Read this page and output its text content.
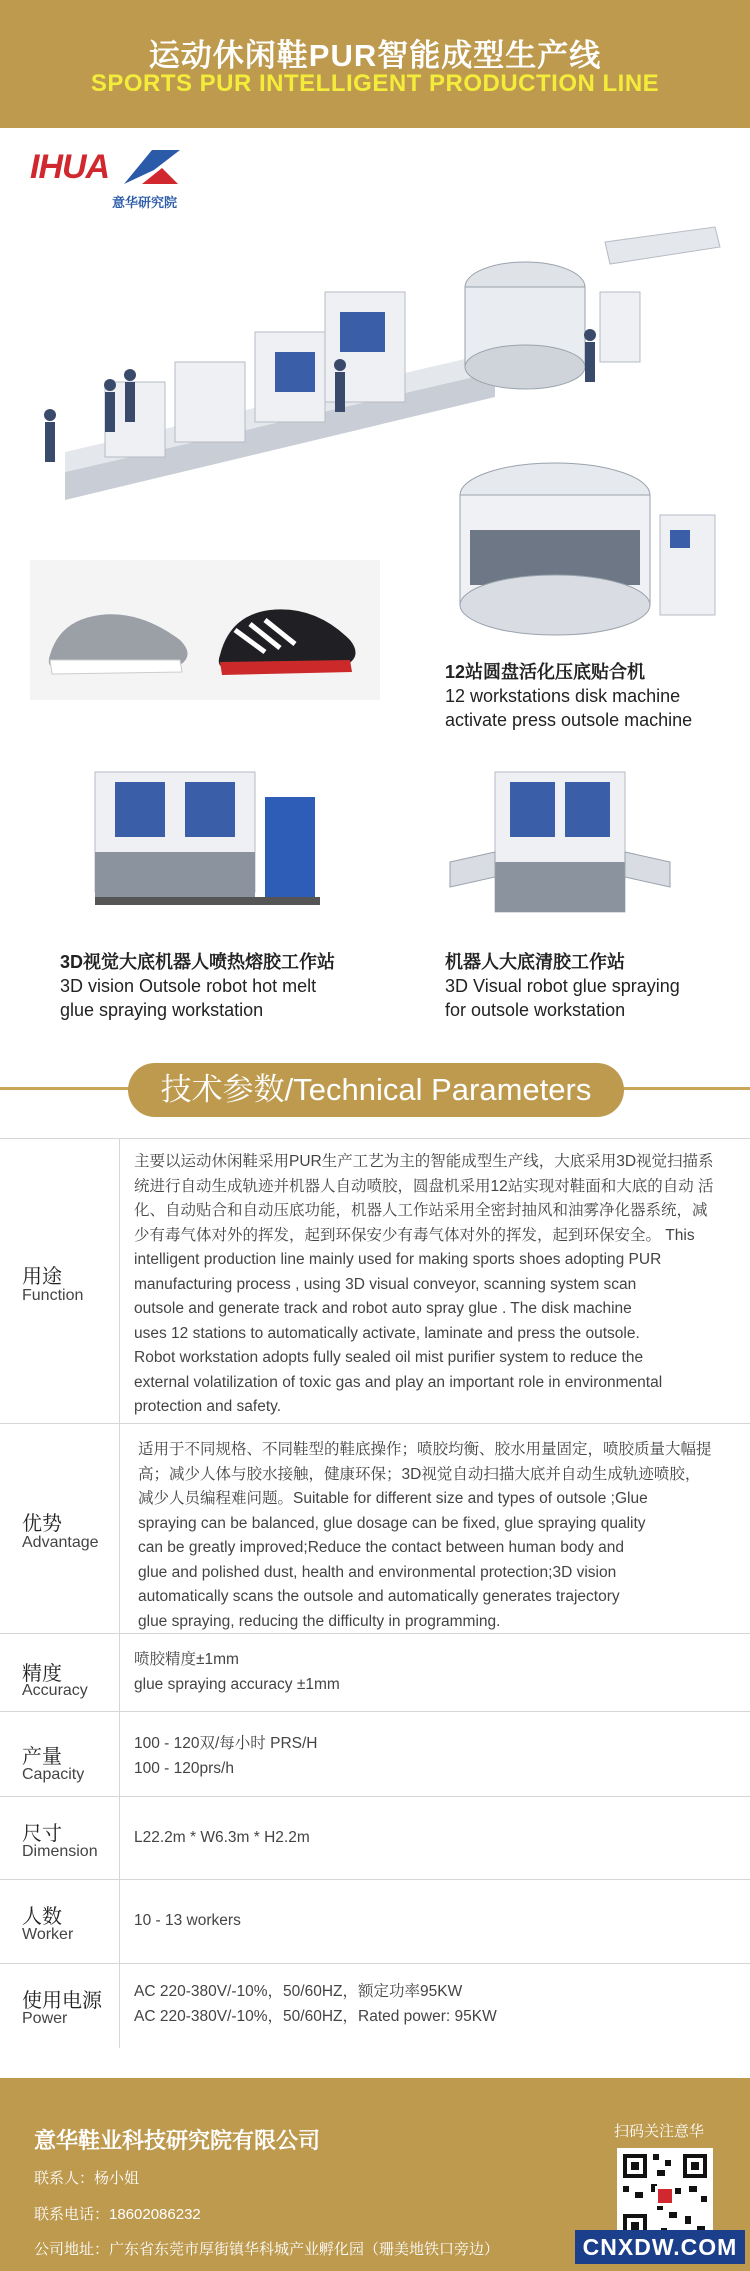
运动休闲鞋PUR智能成型生产线
SPORTS PUR INTELLIGENT PRODUCTION LINE
IHUA
意华研究院
12站圆盘活化压底贴合机
12 workstations disk machine
activate press outsole machine
3D视觉大底机器人喷热熔胶工作站
3D vision Outsole robot hot melt
glue spraying workstation
机器人大底清胶工作站
3D Visual robot glue spraying
for outsole workstation
技术参数/Technical Parameters
用途
Function
主要以运动休闲鞋采用PUR生产工艺为主的智能成型生产线，大底采用3D视觉扫描系
统进行自动生成轨迹并机器人自动喷胶，圆盘机采用12站实现对鞋面和大底的自动 活
化、自动贴合和自动压底功能，机器人工作站采用全密封抽风和油雾净化器系统，减
少有毒气体对外的挥发，起到环保安少有毒气体对外的挥发，起到环保安全。 This
intelligent production line mainly used for making sports shoes adopting PUR
manufacturing process , using 3D visual conveyor, scanning system scan
outsole and generate track and robot auto spray glue . The disk machine
uses 12 stations to automatically activate, laminate and press the outsole.
Robot workstation adopts fully sealed oil mist purifier system to reduce the
external volatilization of toxic gas and play an important role in environmental
protection and safety.
优势
Advantage
适用于不同规格、不同鞋型的鞋底操作；喷胶均衡、胶水用量固定，喷胶质量大幅提
高；减少人体与胶水接触，健康环保；3D视觉自动扫描大底并自动生成轨迹喷胶，
减少人员编程难问题。Suitable for different size and types of outsole ;Glue
spraying can be balanced, glue dosage can be fixed, glue spraying quality
can be greatly improved;Reduce the contact between human body and
glue and polished dust, health and environmental protection;3D vision
automatically scans the outsole and automatically generates trajectory
glue spraying, reducing the difficulty in programming.
精度
Accuracy
喷胶精度±1mm
glue spraying accuracy ±1mm
产量
Capacity
100 - 120双/每小时 PRS/H
100 - 120prs/h
尺寸
Dimension
L22.2m * W6.3m * H2.2m
人数
Worker
10 - 13 workers
使用电源
Power
AC 220-380V/-10%，50/60HZ，额定功率95KW
AC 220-380V/-10%，50/60HZ，Rated power: 95KW
意华鞋业科技研究院有限公司
联系人：杨小姐
联系电话：18602086232
公司地址：广东省东莞市厚街镇华科城产业孵化园（珊美地铁口旁边）
扫码关注意华
CNXDW.COM
